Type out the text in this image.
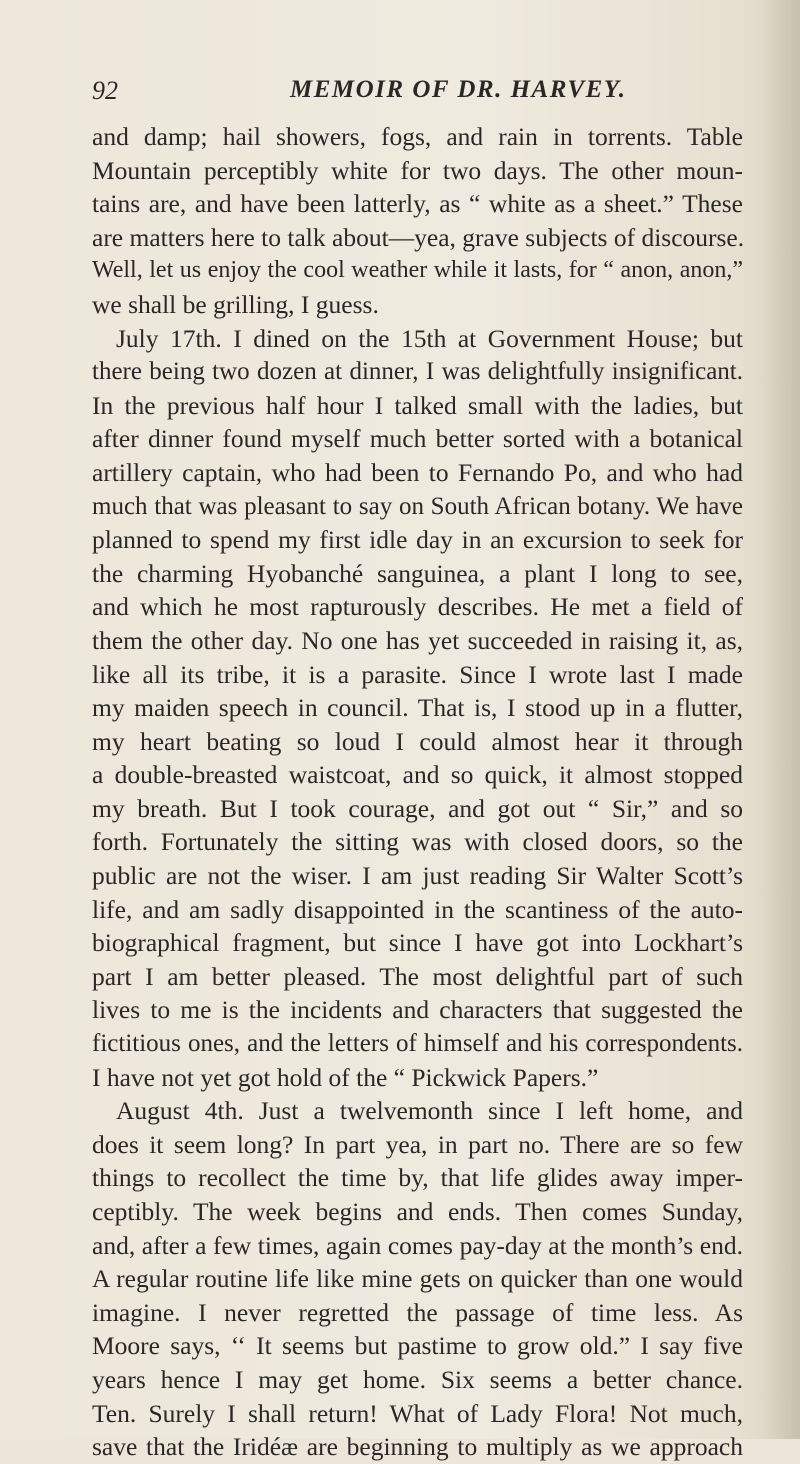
92	MEMOIR OF DR. HARVEY.
and damp; hail showers, fogs, and rain in torrents. Table
Mountain perceptibly white for two days. The other moun-
tains are, and have been latterly, as “ white as a sheet.” These
are matters here to talk about—yea, grave subjects of discourse.
Well, let us enjoy the cool weather while it lasts, for “ anon, anon,”
we shall be grilling, I guess.
July 17th. I dined on the 15th at Government House; but
there being two dozen at dinner, I was delightfully insignificant.
In the previous half hour I talked small with the ladies, but
after dinner found myself much better sorted with a botanical
artillery captain, who had been to Fernando Po, and who had
much that was pleasant to say on South African botany. We have
planned to spend my first idle day in an excursion to seek for
the charming Hyobanché sanguinea, a plant I long to see,
and which he most rapturously describes. He met a field of
them the other day. No one has yet succeeded in raising it, as,
like all its tribe, it is a parasite. Since I wrote last I made
my maiden speech in council. That is, I stood up in a flutter,
my heart beating so loud I could almost hear it through
a double-breasted waistcoat, and so quick, it almost stopped
my breath. But I took courage, and got out “ Sir,” and so
forth. Fortunately the sitting was with closed doors, so the
public are not the wiser. I am just reading Sir Walter Scott’s
life, and am sadly disappointed in the scantiness of the auto-
biographical fragment, but since I have got into Lockhart’s
part I am better pleased. The most delightful part of such
lives to me is the incidents and characters that suggested the
fictitious ones, and the letters of himself and his correspondents.
I have not yet got hold of the “ Pickwick Papers.”
August 4th. Just a twelvemonth since I left home, and
does it seem long? In part yea, in part no. There are so few
things to recollect the time by, that life glides away imper-
ceptibly. The week begins and ends. Then comes Sunday,
and, after a few times, again comes pay-day at the month’s end.
A regular routine life like mine gets on quicker than one would
imagine. I never regretted the passage of time less. As
Moore says, ‘‘ It seems but pastime to grow old.” I say five
years hence I may get home. Six seems a better chance.
Ten. Surely I shall return! What of Lady Flora! Not much,
save that the Iridéæ are beginning to multiply as we approach
